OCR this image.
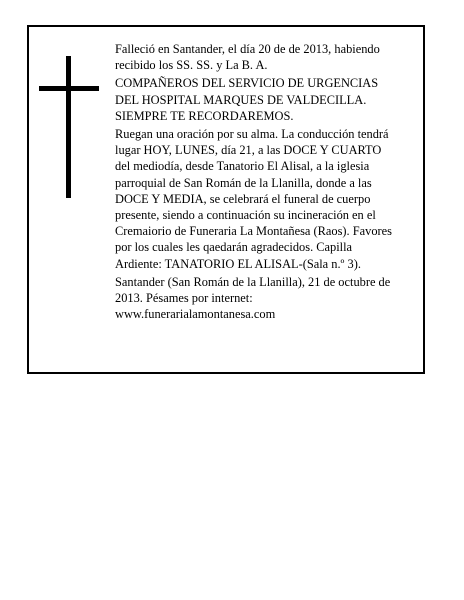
Falleció en Santander, el día 20 de de 2013, habiendo
recibido los SS. SS. y La B. A.

COMPAÑEROS DEL SERVICIO DE URGENCIAS
DEL HOSPITAL MARQUES DE VALDECILLA.
SIEMPRE TE RECORDAREMOS.

Ruegan una oración por su alma. La conducción tendrá
lugar HOY, LUNES, día 21, a las DOCE Y CUARTO
del mediodía, desde Tanatorio El Alisal, a la iglesia
parroquial de San Román de la Llanilla, donde a las
DOCE Y MEDIA, se celebrará el funeral de cuerpo
presente, siendo a continuación su incineración en el
Cremaiorio de Funeraria La Montañesa (Raos). Favores
por los cuales les qaedarán agradecidos. Capilla
Ardiente: TANATORIO EL ALISAL-(Sala n.º 3).

Santander (San Román de la Llanilla), 21 de octubre de
2013. Pésames por internet:
www.funerarialamontanesa.com
